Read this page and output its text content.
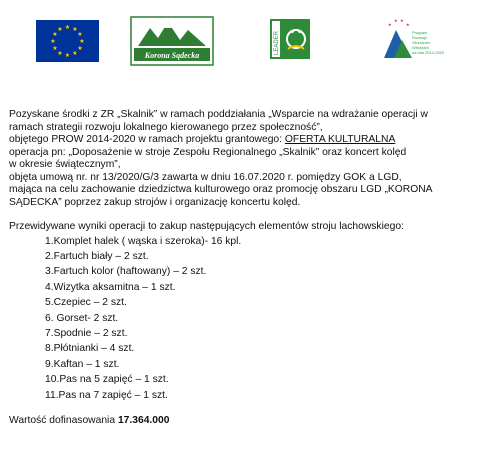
★ ★
★
★
★
★
★
★
★
★
★
★
Korona Sądecka
LEADER
★
★ ★
★
Program
Rozwoju
Obszarów
Wiejskich
na lata 2014-2020

Pozyskane środki z ZR „Skalnik” w ramach poddziałania „Wsparcie na wdrażanie operacji w

ramach strategii rozwoju lokalnego kierowanego przez społeczność”,

objętego PROW 2014-2020 w ramach projektu grantowego: OFERTA KULTURALNA

operacja pn: „Doposażenie w stroje Zespołu Regionalnego „Skalnik” oraz koncert kolęd

w okresie świątecznym”,

objęta umową nr. nr 13/2020/G/3 zawarta w dniu 16.07.2020 r. pomiędzy GOK a LGD,

mająca na celu zachowanie dziedzictwa kulturowego oraz promocję obszaru LGD „KORONA

SĄDECKA” poprzez zakup strojów i organizację koncertu kolęd.

Przewidywane wyniki operacji to zakup następujących elementów stroju lachowskiego:

1.Komplet halek ( wąska i szeroka)- 16 kpl.

2.Fartuch biały – 2 szt.

3.Fartuch kolor (haftowany) – 2 szt.

4.Wizytka aksamitna – 1 szt.

5.Czepiec – 2 szt.

6. Gorset- 2 szt.

7.Spodnie – 2 szt.

8.Płótnianki – 4 szt.

9.Kaftan – 1 szt.

10.Pas na 5 zapięć – 1 szt.

11.Pas na 7 zapięć – 1 szt.

Wartość dofinasowania 17.364.000
